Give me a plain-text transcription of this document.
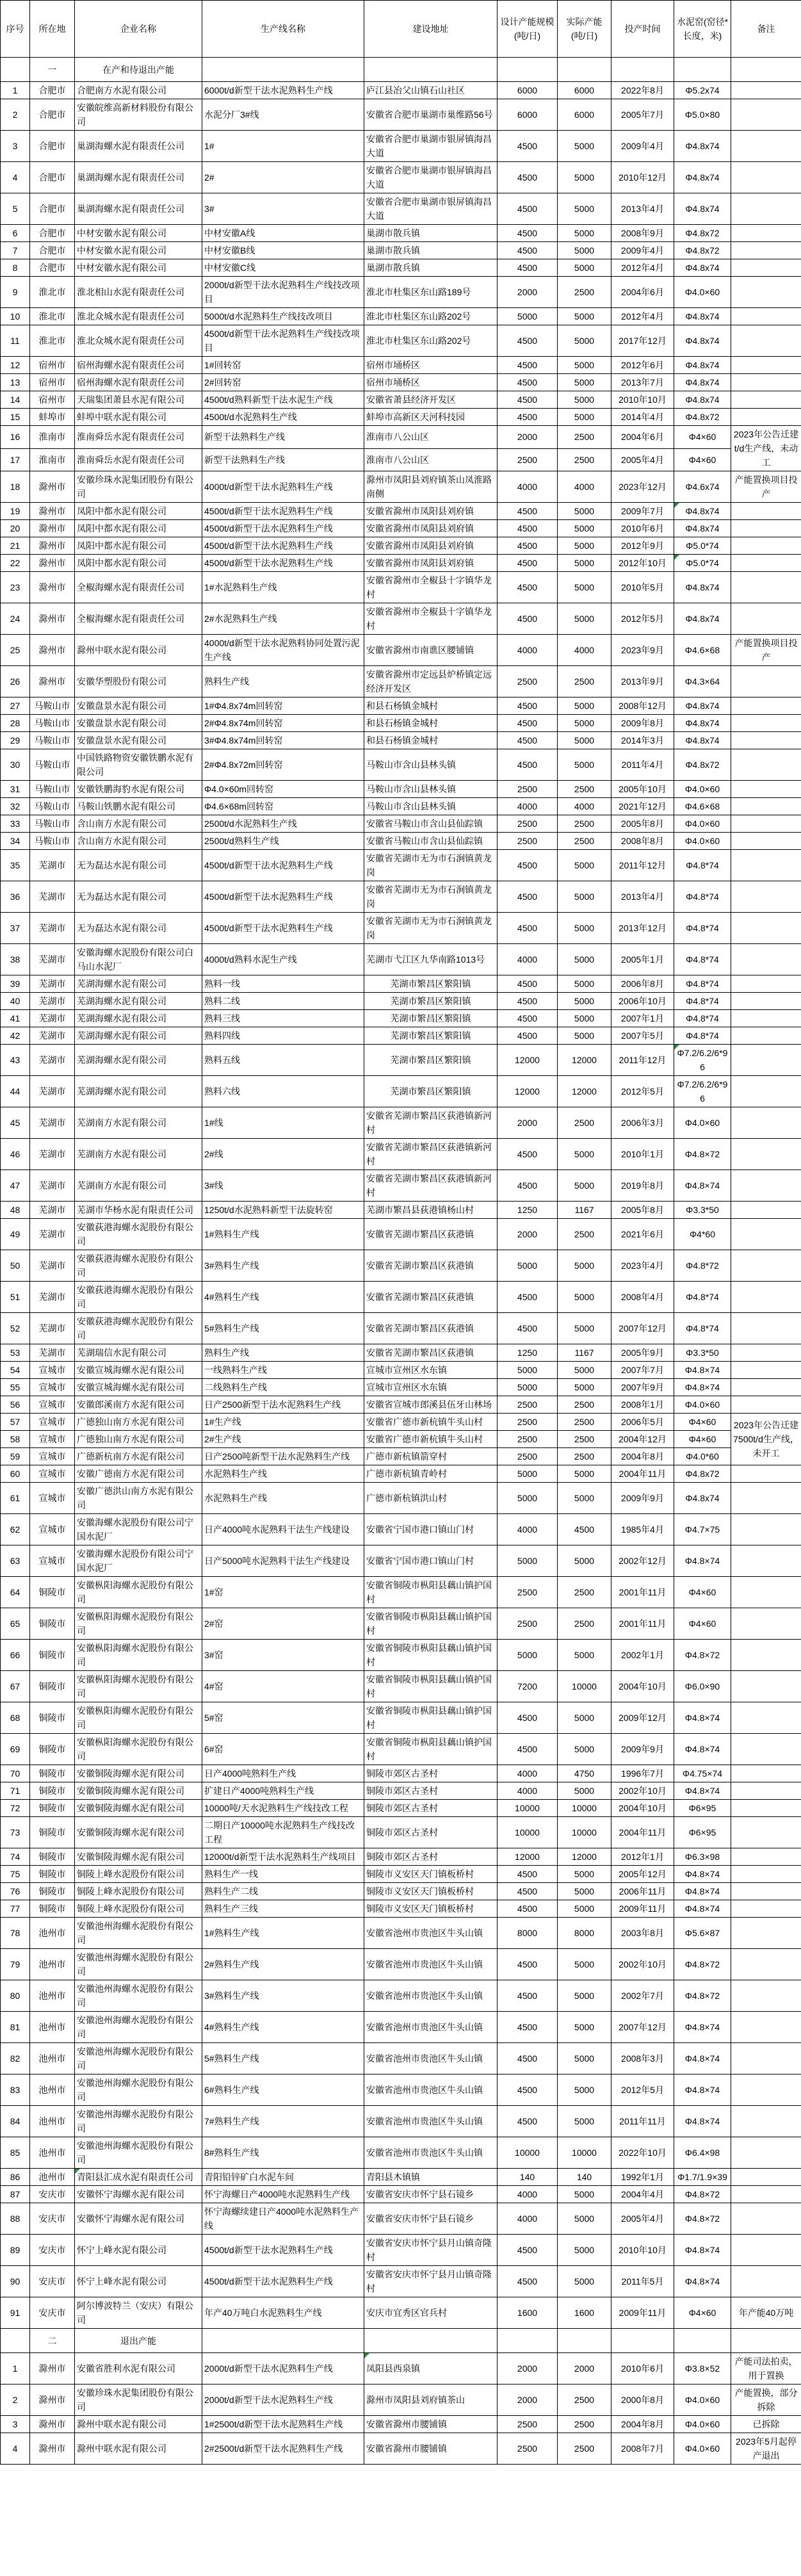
序号	所在地	企业名称	生产线名称	建设地址	设计产能规模(吨/日)	实际产能(吨/日)	投产时间	水泥窑(窑径*长度，米)	备注
	一	在产和待退出产能							
1	合肥市	合肥南方水泥有限公司	6000t/d新型干法水泥熟料生产线	庐江县冶父山镇石山社区	6000	6000	2022年8月	Φ5.2x74	
2	合肥市	安徽皖维高新材料股份有限公司	水泥分厂3#线	安徽省合肥市巢湖市巢维路56号	6000	6000	2005年7月	Φ5.0×80	
3	合肥市	巢湖海螺水泥有限责任公司	1#	安徽省合肥市巢湖市银屏镇海昌大道	4500	5000	2009年4月	Φ4.8x74	
4	合肥市	巢湖海螺水泥有限责任公司	2#	安徽省合肥市巢湖市银屏镇海昌大道	4500	5000	2010年12月	Φ4.8x74	
5	合肥市	巢湖海螺水泥有限责任公司	3#	安徽省合肥市巢湖市银屏镇海昌大道	4500	5000	2013年4月	Φ4.8x74	
6	合肥市	中材安徽水泥有限公司	中材安徽A线	巢湖市散兵镇	4500	5000	2008年9月	Φ4.8x72	
7	合肥市	中材安徽水泥有限公司	中材安徽B线	巢湖市散兵镇	4500	5000	2009年4月	Φ4.8x72	
8	合肥市	中材安徽水泥有限公司	中材安徽C线	巢湖市散兵镇	4500	5000	2012年4月	Φ4.8x74	
9	淮北市	淮北相山水泥有限责任公司	2000t/d新型干法水泥熟料生产线技改项目	淮北市杜集区东山路189号	2000	2500	2004年6月	Φ4.0×60	
10	淮北市	淮北众城水泥有限责任公司	5000t/d水泥熟料生产线技改项目	淮北市杜集区东山路202号	5000	5000	2012年4月	Φ4.8x74	
11	淮北市	淮北众城水泥有限责任公司	4500t/d新型干法水泥熟料生产线技改项目	淮北市杜集区东山路202号	4500	5000	2017年12月	Φ4.8x74	
12	宿州市	宿州海螺水泥有限责任公司	1#回转窑	宿州市埇桥区	4500	5000	2012年6月	Φ4.8x74	
13	宿州市	宿州海螺水泥有限责任公司	2#回转窑	宿州市埇桥区	4500	5000	2013年7月	Φ4.8x74	
14	宿州市	天瑞集团萧县水泥有限公司	4500t/d熟料新型干法水泥生产线	安徽省萧县经济开发区	4500	5000	2010年10月	Φ4.8x74	
15	蚌埠市	蚌埠中联水泥有限公司	4500t/d水泥熟料生产线	蚌埠市高新区天河科技园	4500	5000	2014年4月	Φ4.8x72	
16	淮南市	淮南舜岳水泥有限责任公司	新型干法熟料生产线	淮南市八公山区	2000	2500	2004年6月	Φ4×60	2023年公告迁建t/d生产线，未动工
17	淮南市	淮南舜岳水泥有限责任公司	新型干法熟料生产线	淮南市八公山区	2500	2500	2005年4月	Φ4×60	
18	滁州市	安徽珍珠水泥集团股份有限公司	4000t/d新型干法水泥熟料生产线	滁州市凤阳县刘府镇茶山凤淮路南侧	4000	4000	2023年12月	Φ4.6x74	产能置换项目投产
19	滁州市	凤阳中都水泥有限公司	4500t/d新型干法水泥熟料生产线	安徽省滁州市凤阳县刘府镇	4500	5000	2009年7月	Φ4.8x74	
20	滁州市	凤阳中都水泥有限公司	4500t/d新型干法水泥熟料生产线	安徽省滁州市凤阳县刘府镇	4500	5000	2010年6月	Φ4.8x74	
21	滁州市	凤阳中都水泥有限公司	4500t/d新型干法水泥熟料生产线	安徽省滁州市凤阳县刘府镇	4500	5000	2012年9月	Φ5.0*74	
22	滁州市	凤阳中都水泥有限公司	4500t/d新型干法水泥熟料生产线	安徽省滁州市凤阳县刘府镇	4500	5000	2012年10月	Φ5.0*74	
23	滁州市	全椒海螺水泥有限责任公司	1#水泥熟料生产线	安徽省滁州市全椒县十字镇华龙村	4500	5000	2010年5月	Φ4.8x74	
24	滁州市	全椒海螺水泥有限责任公司	2#水泥熟料生产线	安徽省滁州市全椒县十字镇华龙村	4500	5000	2012年5月	Φ4.8x74	
25	滁州市	滁州中联水泥有限公司	4000t/d新型干法水泥熟料协同处置污泥生产线	安徽省滁州市南谯区腰铺镇	4000	4000	2023年9月	Φ4.6×68	产能置换项目投产
26	滁州市	安徽华塑股份有限公司	熟料生产线	安徽省滁州市定远县炉桥镇定远经济开发区	2500	2500	2013年9月	Φ4.3×64	
27	马鞍山市	安徽盘景水泥有限公司	1#Φ4.8x74m回转窑	和县石杨镇金城村	4500	5000	2008年12月	Φ4.8x74	
28	马鞍山市	安徽盘景水泥有限公司	2#Φ4.8x74m回转窑	和县石杨镇金城村	4500	5000	2009年8月	Φ4.8x74	
29	马鞍山市	安徽盘景水泥有限公司	3#Φ4.8x74m回转窑	和县石杨镇金城村	4500	5000	2014年3月	Φ4.8x74	
30	马鞍山市	中国铁路物资安徽铁鹏水泥有限公司	2#Φ4.8x72m回转窑	马鞍山市含山县林头镇	4500	5000	2011年4月	Φ4.8x72	
31	马鞍山市	安徽铁鹏海豹水泥有限公司	Φ4.0×60m回转窑	马鞍山市含山县林头镇	2500	2500	2005年10月	Φ4.0×60	
32	马鞍山市	马鞍山铁鹏水泥有限公司	Φ4.6×68m回转窑	马鞍山市含山县林头镇	4000	4000	2021年12月	Φ4.6×68	
33	马鞍山市	含山南方水泥有限公司	2500t/d水泥熟料生产线	安徽省马鞍山市含山县仙踪镇	2500	2500	2005年8月	Φ4.0×60	
34	马鞍山市	含山南方水泥有限公司	2500t/d熟料生产线	安徽省马鞍山市含山县仙踪镇	2500	2500	2008年8月	Φ4.0×60	
35	芜湖市	无为磊达水泥有限公司	4500t/d新型干法水泥熟料生产线	安徽省芜湖市无为市石涧镇黄龙岗	4500	5000	2011年12月	Φ4.8*74	
36	芜湖市	无为磊达水泥有限公司	4500t/d新型干法水泥熟料生产线	安徽省芜湖市无为市石涧镇黄龙岗	4500	5000	2013年4月	Φ4.8*74	
37	芜湖市	无为磊达水泥有限公司	4500t/d新型干法水泥熟料生产线	安徽省芜湖市无为市石涧镇黄龙岗	4500	5000	2013年12月	Φ4.8*74	
38	芜湖市	安徽海螺水泥股份有限公司白马山水泥厂	4000t/d熟料水泥生产线	芜湖市弋江区九华南路1013号	4000	5000	2005年1月	Φ4.8*74	
39	芜湖市	芜湖海螺水泥有限公司	熟料一线	芜湖市繁昌区繁阳镇	4500	5000	2006年8月	Φ4.8*74	
40	芜湖市	芜湖海螺水泥有限公司	熟料二线	芜湖市繁昌区繁阳镇	4500	5000	2006年10月	Φ4.8*74	
41	芜湖市	芜湖海螺水泥有限公司	熟料三线	芜湖市繁昌区繁阳镇	4500	5000	2007年1月	Φ4.8*74	
42	芜湖市	芜湖海螺水泥有限公司	熟料四线	芜湖市繁昌区繁阳镇	4500	5000	2007年5月	Φ4.8*74	
43	芜湖市	芜湖海螺水泥有限公司	熟料五线	芜湖市繁昌区繁阳镇	12000	12000	2011年12月	Φ7.2/6.2/6*96	
44	芜湖市	芜湖海螺水泥有限公司	熟料六线	芜湖市繁昌区繁阳镇	12000	12000	2012年5月	Φ7.2/6.2/6*96	
45	芜湖市	芜湖南方水泥有限公司	1#线	安徽省芜湖市繁昌区荻港镇新河村	2000	2500	2006年3月	Φ4.0×60	
46	芜湖市	芜湖南方水泥有限公司	2#线	安徽省芜湖市繁昌区荻港镇新河村	4500	5000	2010年1月	Φ4.8×72	
47	芜湖市	芜湖南方水泥有限公司	3#线	安徽省芜湖市繁昌区荻港镇新河村	4500	5000	2019年8月	Φ4.8×74	
48	芜湖市	芜湖市华杨水泥有限责任公司	1250t/d水泥熟料新型干法旋转窑	芜湖市繁昌县荻港镇杨山村	1250	1167	2005年8月	Φ3.3*50	
49	芜湖市	安徽荻港海螺水泥股份有限公司	1#熟料生产线	安徽省芜湖市繁昌区荻港镇	2000	2500	2021年6月	Φ4*60	
50	芜湖市	安徽荻港海螺水泥股份有限公司	3#熟料生产线	安徽省芜湖市繁昌区荻港镇	5000	5000	2023年4月	Φ4.8*72	
51	芜湖市	安徽荻港海螺水泥股份有限公司	4#熟料生产线	安徽省芜湖市繁昌区荻港镇	4500	5000	2008年4月	Φ4.8*74	
52	芜湖市	安徽荻港海螺水泥股份有限公司	5#熟料生产线	安徽省芜湖市繁昌区荻港镇	4500	5000	2007年12月	Φ4.8*74	
53	芜湖市	芜湖瑞信水泥有限公司	熟料生产线	安徽省芜湖市繁昌区荻港镇	1250	1167	2005年9月	Φ3.3*50	
54	宣城市	安徽宣城海螺水泥有限公司	一线熟料生产线	宣城市宣州区水东镇	5000	5000	2007年7月	Φ4.8×74	
55	宣城市	安徽宣城海螺水泥有限公司	二线熟料生产线	宣城市宣州区水东镇	5000	5000	2007年9月	Φ4.8×74	
56	宣城市	安徽郎溪南方水泥有限公司	日产2500新型干法水泥熟料生产线	安徽省宣城市郎溪县伍牙山林场	2500	2500	2008年1月	Φ4.0×60	
57	宣城市	广德独山南方水泥有限公司	1#生产线	安徽省广德市新杭镇牛头山村	2500	2500	2006年5月	Φ4×60	2023年公告迁建7500t/d生产线，未开工
58	宣城市	广德独山南方水泥有限公司	2#生产线	安徽省广德市新杭镇牛头山村	2500	2500	2004年12月	Φ4×60	
59	宣城市	广德新杭南方水泥有限公司	日产2500吨新型干法水泥熟料生产线	广德市新杭镇箭穿村	2500	2500	2004年8月	Φ4.0*60	
60	宣城市	安徽广德南方水泥有限公司	水泥熟料生产线	广德市新杭镇青岭村	5000	5000	2004年11月	Φ4.8x72	
61	宣城市	安徽广德洪山南方水泥有限公司	水泥熟料生产线	广德市新杭镇洪山村	5000	5000	2009年9月	Φ4.8x74	
62	宣城市	安徽海螺水泥股份有限公司宁国水泥厂	日产4000吨水泥熟料干法生产线建设	安徽省宁国市港口镇山门村	4000	4500	1985年4月	Φ4.7×75	
63	宣城市	安徽海螺水泥股份有限公司宁国水泥厂	日产5000吨水泥熟料干法生产线建设	安徽省宁国市港口镇山门村	5000	5000	2002年12月	Φ4.8×74	
64	铜陵市	安徽枞阳海螺水泥股份有限公司	1#窑	安徽省铜陵市枞阳县藕山镇护国村	2500	2500	2001年11月	Φ4×60	
65	铜陵市	安徽枞阳海螺水泥股份有限公司	2#窑	安徽省铜陵市枞阳县藕山镇护国村	2500	2500	2001年11月	Φ4×60	
66	铜陵市	安徽枞阳海螺水泥股份有限公司	3#窑	安徽省铜陵市枞阳县藕山镇护国村	5000	5000	2002年1月	Φ4.8×72	
67	铜陵市	安徽枞阳海螺水泥股份有限公司	4#窑	安徽省铜陵市枞阳县藕山镇护国村	7200	10000	2004年10月	Φ6.0×90	
68	铜陵市	安徽枞阳海螺水泥股份有限公司	5#窑	安徽省铜陵市枞阳县藕山镇护国村	4500	5000	2009年12月	Φ4.8×74	
69	铜陵市	安徽枞阳海螺水泥股份有限公司	6#窑	安徽省铜陵市枞阳县藕山镇护国村	4500	5000	2009年9月	Φ4.8×74	
70	铜陵市	安徽铜陵海螺水泥有限公司	日产4000吨熟料生产线	铜陵市郊区古圣村	4000	4750	1996年7月	Φ4.75×74	
71	铜陵市	安徽铜陵海螺水泥有限公司	扩建日产4000吨熟料生产线	铜陵市郊区古圣村	4000	5000	2002年10月	Φ4.8×74	
72	铜陵市	安徽铜陵海螺水泥有限公司	10000吨/天水泥熟料生产线技改工程	铜陵市郊区古圣村	10000	10000	2004年10月	Φ6×95	
73	铜陵市	安徽铜陵海螺水泥有限公司	二期日产10000吨水泥熟料生产线技改工程	铜陵市郊区古圣村	10000	10000	2004年11月	Φ6×95	
74	铜陵市	安徽铜陵海螺水泥有限公司	12000t/d新型干法水泥熟料生产线项目	铜陵市郊区古圣村	12000	12000	2012年1月	Φ6.3×98	
75	铜陵市	铜陵上峰水泥股份有限公司	熟料生产一线	铜陵市义安区天门镇板桥村	4500	5000	2005年12月	Φ4.8×74	
76	铜陵市	铜陵上峰水泥股份有限公司	熟料生产二线	铜陵市义安区天门镇板桥村	4500	5000	2006年11月	Φ4.8×74	
77	铜陵市	铜陵上峰水泥股份有限公司	熟料生产三线	铜陵市义安区天门镇板桥村	4500	5000	2009年11月	Φ4.8×74	
78	池州市	安徽池州海螺水泥股份有限公司	1#熟料生产线	安徽省池州市贵池区牛头山镇	8000	8000	2003年8月	Φ5.6×87	
79	池州市	安徽池州海螺水泥股份有限公司	2#熟料生产线	安徽省池州市贵池区牛头山镇	4500	5000	2002年10月	Φ4.8×72	
80	池州市	安徽池州海螺水泥股份有限公司	3#熟料生产线	安徽省池州市贵池区牛头山镇	4500	5000	2002年7月	Φ4.8×72	
81	池州市	安徽池州海螺水泥股份有限公司	4#熟料生产线	安徽省池州市贵池区牛头山镇	4500	5000	2007年12月	Φ4.8×74	
82	池州市	安徽池州海螺水泥股份有限公司	5#熟料生产线	安徽省池州市贵池区牛头山镇	4500	5000	2008年3月	Φ4.8×74	
83	池州市	安徽池州海螺水泥股份有限公司	6#熟料生产线	安徽省池州市贵池区牛头山镇	4500	5000	2012年5月	Φ4.8×74	
84	池州市	安徽池州海螺水泥股份有限公司	7#熟料生产线	安徽省池州市贵池区牛头山镇	4500	5000	2011年11月	Φ4.8×74	
85	池州市	安徽池州海螺水泥股份有限公司	8#熟料生产线	安徽省池州市贵池区牛头山镇	10000	10000	2022年10月	Φ6.4×98	
86	池州市	青阳县汇成水泥有限责任公司	青阳铅锌矿白水泥车间	青阳县木镇镇	140	140	1992年1月	Φ1.7/1.9×39	
87	安庆市	安徽怀宁海螺水泥有限公司	怀宁海螺日产4000吨水泥熟料生产线	安徽省安庆市怀宁县石镜乡	4000	5000	2004年4月	Φ4.8×72	
88	安庆市	安徽怀宁海螺水泥有限公司	怀宁海螺续建日产4000吨水泥熟料生产线	安徽省安庆市怀宁县石镜乡	4000	5000	2005年4月	Φ4.8×72	
89	安庆市	怀宁上峰水泥有限公司	4500t/d新型干法水泥熟料生产线	安徽省安庆市怀宁县月山镇奇隆村	4500	5000	2010年10月	Φ4.8×74	
90	安庆市	怀宁上峰水泥有限公司	4500t/d新型干法水泥熟料生产线	安徽省安庆市怀宁县月山镇奇隆村	4500	5000	2011年5月	Φ4.8×74	
91	安庆市	阿尔博波特兰（安庆）有限公司	年产40万吨白水泥熟料生产线	安庆市宜秀区官兵村	1600	1600	2009年11月	Φ4×60	年产能40万吨
	二	退出产能							
1	滁州市	安徽省胜利水泥有限公司	2000t/d新型干法水泥熟料生产线	凤阳县西泉镇	2000	2000	2010年6月	Φ3.8×52	产能司法拍卖，用于置换
2	滁州市	安徽珍珠水泥集团股份有限公司	2000t/d新型干法水泥熟料生产线	滁州市凤阳县刘府镇茶山	2000	2500	2000年8月	Φ4.0×60	产能置换，部分拆除
3	滁州市	滁州中联水泥有限公司	1#2500t/d新型干法水泥熟料生产线	安徽省滁州市腰铺镇	2500	2500	2004年8月	Φ4.0×60	已拆除
4	滁州市	滁州中联水泥有限公司	2#2500t/d新型干法水泥熟料生产线	安徽省滁州市腰铺镇	2500	2500	2008年7月	Φ4.0×60	2023年5月起停产退出
